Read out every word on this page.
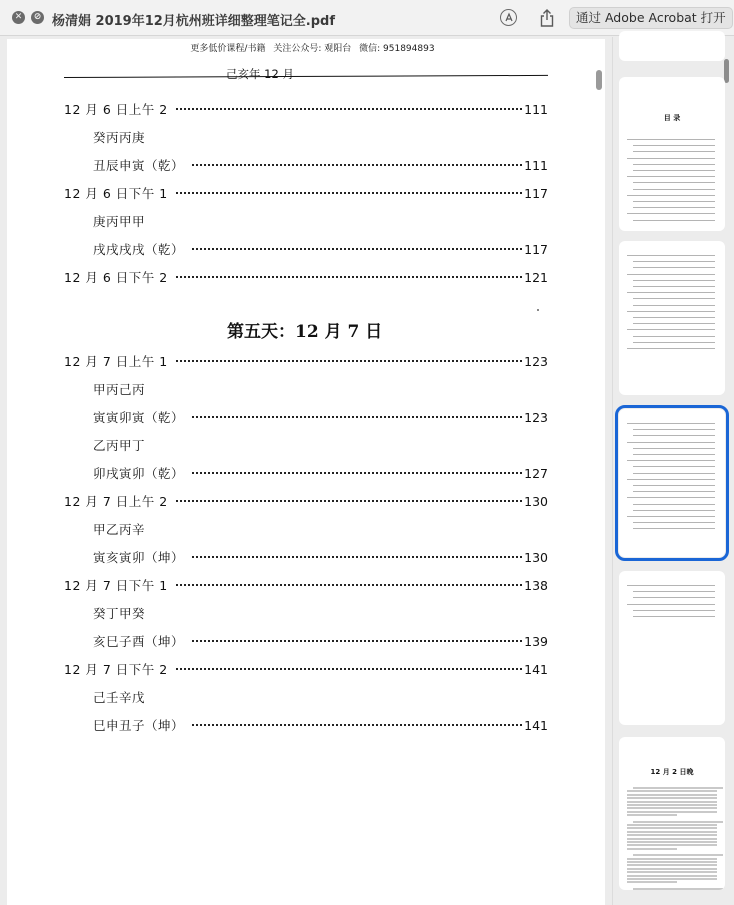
✕	⊘ 杨清娟 2019年12月杭州班详细整理笔记全.pdf	通过 Adobe Acrobat 打开
更多低价课程/书籍 关注公众号: 观阳台 微信: 951894893
己亥年 12 月
12 月 6 日上午 2	111
癸丙丙庚
丑辰申寅（乾）	111
12 月 6 日下午 1	117
庚丙甲甲
戌戌戌戌（乾）	117
12 月 6 日下午 2	121
12 月 7 日上午 1	123
甲丙己丙
寅寅卯寅（乾）	123
乙丙甲丁
卯戌寅卯（乾）	127
12 月 7 日上午 2	130
甲乙丙辛
寅亥寅卯（坤）	130
12 月 7 日下午 1	138
癸丁甲癸
亥巳子酉（坤）	139
12 月 7 日下午 2	141
己壬辛戊
巳申丑子（坤）	141
第五天：12 月 7 日
目 录
12 月 2 日晚
